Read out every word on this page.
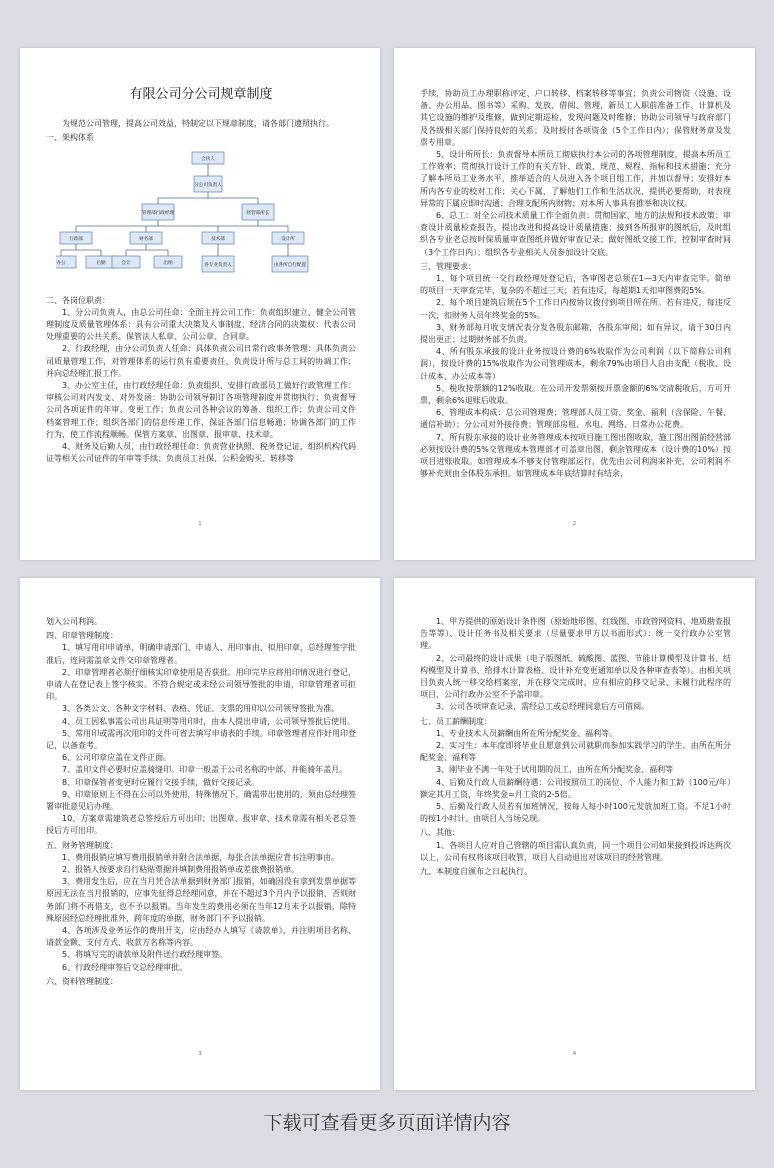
有限公司分公司规章制度

为规范公司管理，提高公司效益，特制定以下规章制度，请各部门遵照执行。

一、架构体系

合伙人
分公司负责人
管理部行政经理	经营部所长
行政部	财务部	技术部	设计所
办公	后勤	会计	出纳	各专业负责人	由各所自行配置

二、各岗位职责：

1、分公司负责人，由总公司任命：全面主持公司工作：负责组织建立、健全公司管理制度及质量管理体系：具有公司重大决策及人事制度、经济合同的决策权：代表公司处理重要的公共关系。保管法人私章、公司公章、合同章。

2、行政经理，由分公司负责人任命：具体负责公司日常行政事务管理：具体负责公司质量管理工作，对管理体系的运行负有重要责任，负责设计所与总工间的协调工作；并向总经理汇报工作。

3、办公室主任，由行政经理任命：负责组织、安排行政部员工做好行政管理工作：审核公司对内发文、对外发函：协助公司领导制订各项管理制度并贯彻执行；负责督导公司各项证件的年审、变更工作；负责公司各种会议的筹备、组织工作；负责公司文件档案管理工作；组织各部门的信息传递工作，保证各部门信息畅通；协调各部门的工作行为，使工作流程顺畅。保管方案章、出图章、报审章、技术章。

4、财务及后勤人员，由行政经理任命：负责营业执照、税务登记证、组织机构代码证等相关公司证件的年审等手续；负责员工社保、公积金购买、转移等

1

手续，协助员工办理职称评定、户口转移、档案转移等事宜；负责公司物资（设施、设备、办公用品、图书等）采购、发放、借阅、管理，新员工入职前准备工作、计算机及其它设施的维护及维修，做到定期巡检，发现问题及时维修；协助公司领导与政府部门及各级相关部门保持良好的关系；及时授付各项资金（5个工作日内）；保管财务章及发票专用章。

5、设计所所长：负责督导本所员工彻底执行本公司的各项管理制度，提高本所员工工作效率；贯彻执行设计工作的有关方针、政策、规范、规程、指标和技术措施；充分了解本所员工业务水平，推举适合的人员进入各个项目组工作，并加以督导；安排好本所内各专业的校对工作；关心下属，了解他们工作和生活状况，提供必要帮助，对表现异常的下属应即时沟通；合理支配所内财物；对本所人事具有推举和决议权。

6、总工：对全公司技术质量工作全面负责；贯彻国家、地方的法规和技术政策；审查设计质量检查报告，提出改进和提高设计质量措施；接到各所报审的图纸后，及时组织各专业老总按时保质量审查图纸并做好审查记录；做好图纸交接工作，控制审查时间（3个工作日内）；组织各专业相关人员参加设计交底。

三、管理要求：

1、每个项目统一交行政经理处登记后，各审图老总须在1—3天内审查完毕。简单的项目一天审查完毕，复杂的不超过三天；若有违反，每超期1天扣审图费的5%。

2、每个项目建筑后须在5个工作日内按协议拨付到项目所在所。若有违反，每违反一次，扣财务人员年终奖金的5%。

3、财务部每月收支情况表分发各股东邮箱，各股东审阅；如有异议，请于30日内提出更正；过期财务部不负责。

4、所有股东承接的设计业务按设计费的6%收取作为公司利润（以下简称公司利润），按设计费的15%收取作为公司管理成本，剩余79%由项目人自由支配（税收、设计成本、办公成本等）

5、税收按票额的12%收取。在公司开发票须按开票金额的6%交清税收后，方可开票，剩余6%退账后收取。

6、管理成本构成：总公司管理费；管理部人员工资、奖金、福利（含保险、午餐、通信补助）；分公司对外接待费；管理部房租、水电、网络、日常办公花费。

7、所有股东承接的设计业务管理成本按项目施工图出图收取，施工图出图前经营部必须按设计费的5%交管理成本管理部才可盖章出图，剩余管理成本（设计费的10%）按项目进账收取。如管理成本不够支付管理部运行，优先由公司利润来补充，公司利润不够补充则由全体股东承担。如管理成本年底结算时有结余，

2

划入公司利润。

四、印章管理制度：

1、填写用印申请单，明确申请部门、申请人、用印事由、拟用印章，总经理签字批准后，连同需盖章文件交印章管理者。

2、印章管理者必须仔细核实印章使用是否获批。用印完毕应将用印情况进行登记，申请人在登记表上签字核实。不符合规定或未经公司领导签批的申请，印章管理者可拒印。

3、各类公文、各种文字材料、表格、凭证、支票的用印以公司领导签批为准。

4、员工因私事需公司出具证明等用印时，由本人提出申请，公司领导签批后使用。

5、常用印或需再次用印的文件可省去填写申请表的手续。印章管理者应作好用印登记，以备查考。

6、公司印章应盖在文件正面。

7、盖印文件必要时应盖骑缝印。印章一般盖于公司名称的中部，并能骑年盖月。

8、印章保管者变更时应履行交接手续，做好交接记录。

9、印章原则上不得在公司以外使用，特殊情况下，确需带出使用的，须由总经理签署审批意见后办理。

10、方案章需建筑老总签授后方可出印；出图章、报审章、技术章需有相关老总签授后方可出印。

五、财务管理制度：

1、费用报销应填写费用报销单并附合法单据，每张合法单据应背书注明事由。

2、报销人按要求自行粘贴票据并填制费用报销单或差旅费报销单。

3、费用发生后，应在当月凭合法单据到财务部门报销，如确因没有拿到发票单据等原因无法在当月报销的，应事先征得总经理同意，并在不超过3个月内予以报销，否则财务部门将不再借支，也不予以报销。当年发生的费用必须在当年12月末予以报销，除特殊原因经总经理批准外，跨年度的单据，财务部门不予以报销。

4、各项涉及业务运作的费用开支，应由经办人填写《请款单》，并注明项目名称、请款金额、支付方式、收款方名称等内容。

5、将填写完的请款单及附件送行政经理审签。

6、行政经理审签后交总经理审批。

六、资料管理制度：

3

1、甲方提供的原始设计条件图（原始地形图、红线图、市政管网资料、地质勘查报告等等）、设计任务书及相关要求（尽量要求甲方以书面形式）：统一交行政办公室管理。

2、公司最终的设计成果（电子版图纸、硫酸图、蓝图、节能计算模型及计算书、结构模型及计算书、给排水计算表格、设计补充变更通知单以及各种审查表等）。由相关项目负责人统一移交给档案室，并在移交完成时，应有相应的移交记录、未履行此程序的项目，公司行政办公室不予盖印章。

3、公司各项审查记录，需经总工或总经理同意后方可借阅。

七、员工薪酬制度：

1、专业技术人员薪酬由所在所分配奖金、福利等。

2、实习生：本年度即将毕业且愿意到公司就职而参加实践学习的学生。由所在所分配奖金、福利等

3、刚毕业不满一年处于试用期的员工，由所在所分配奖金、福利等

4、后勤及行政人员薪酬待遇：公司按照员工的岗位、个人能力和工龄（100元/年）额定其月工资，年终奖金=月工资的2-5倍。

5、后勤及行政人员若有加班情况，按每人每小时100元发放加班工资。不足1小时的按1小时计。由项目人当场兑现。

八、其他：

1、各项目人应对自己管辖的项目需认真负责，同一个项目公司如果接到投诉达两次以上，公司有权将该项目收管，项目人自动退出对该项目的经营管理。

九、本制度自颁布之日起执行。

4
下载可查看更多页面详情内容
